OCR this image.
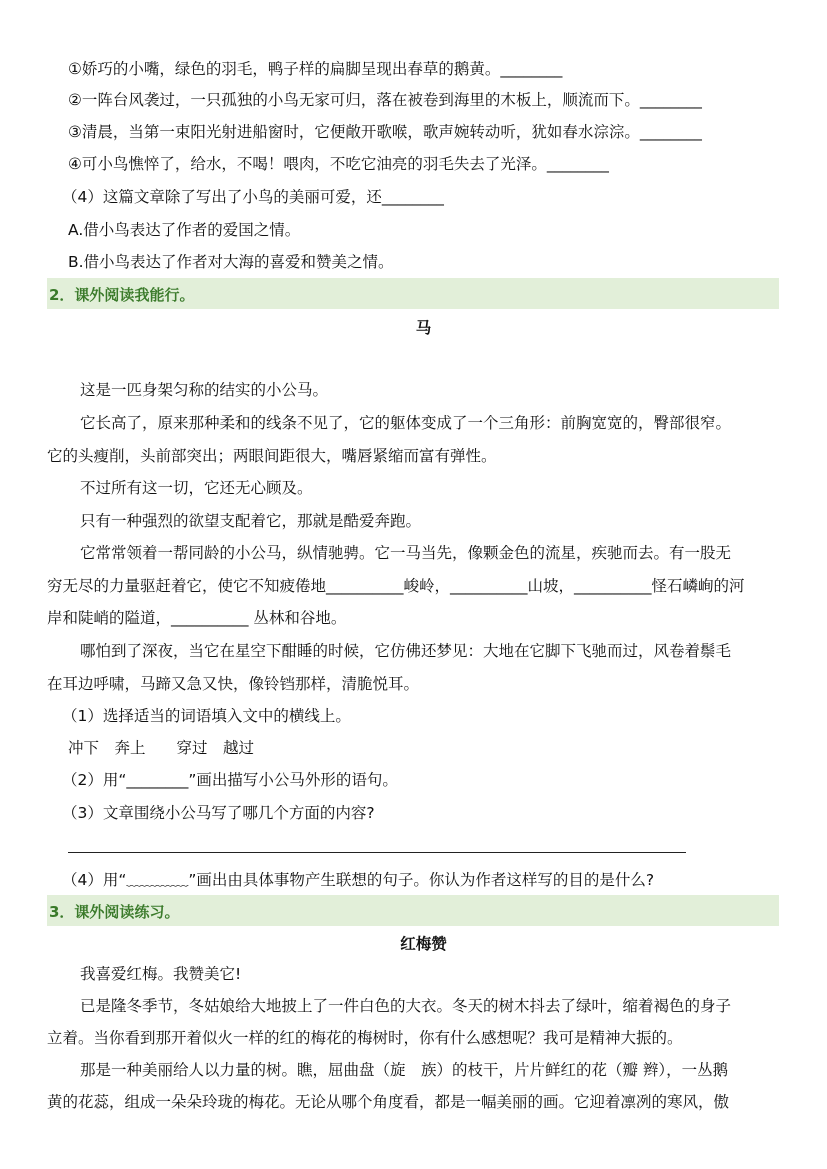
①娇巧的小嘴，绿色的羽毛，鸭子样的扁脚呈现出春草的鹅黄。________
②一阵台风袭过，一只孤独的小鸟无家可归，落在被卷到海里的木板上，顺流而下。________
③清晨，当第一束阳光射进船窗时，它便敞开歌喉，歌声婉转动听，犹如春水淙淙。________
④可小鸟憔悴了，给水，不喝！喂肉，不吃它油亮的羽毛失去了光泽。________
（4）这篇文章除了写出了小鸟的美丽可爱，还________
A.借小鸟表达了作者的爱国之情。
B.借小鸟表达了作者对大海的喜爱和赞美之情。
2．课外阅读我能行。
马
这是一匹身架匀称的结实的小公马。
它长高了，原来那种柔和的线条不见了，它的躯体变成了一个三角形：前胸宽宽的，臀部很窄。
它的头瘦削，头前部突出；两眼间距很大，嘴唇紧缩而富有弹性。
不过所有这一切，它还无心顾及。
只有一种强烈的欲望支配着它，那就是酷爱奔跑。
它常常领着一帮同龄的小公马，纵情驰骋。它一马当先，像颗金色的流星，疾驰而去。有一股无
穷无尽的力量驱赶着它，使它不知疲倦地__________峻岭，__________山坡，__________怪石嶙峋的河
岸和陡峭的隘道，__________ 丛林和谷地。
哪怕到了深夜，当它在星空下酣睡的时候，它仿佛还梦见：大地在它脚下飞驰而过，风卷着鬃毛
在耳边呼啸，马蹄又急又快，像铃铛那样，清脆悦耳。
（1）选择适当的词语填入文中的横线上。
冲下　奔上　　穿过　越过
（2）用“________”画出描写小公马外形的语句。
（3）文章围绕小公马写了哪几个方面的内容?
（4）用“﹏﹏﹏﹏”画出由具体事物产生联想的句子。你认为作者这样写的目的是什么?
3．课外阅读练习。
红梅赞
我喜爱红梅。我赞美它!
已是隆冬季节，冬姑娘给大地披上了一件白色的大衣。冬天的树木抖去了绿叶，缩着褐色的身子
立着。当你看到那开着似火一样的红的梅花的梅树时，你有什么感想呢？我可是精神大振的。
那是一种美丽给人以力量的树。瞧，屈曲盘（旋　族）的枝干，片片鲜红的花（瓣 辫），一丛鹅
黄的花蕊，组成一朵朵玲珑的梅花。无论从哪个角度看，都是一幅美丽的画。它迎着凛冽的寒风，傲
